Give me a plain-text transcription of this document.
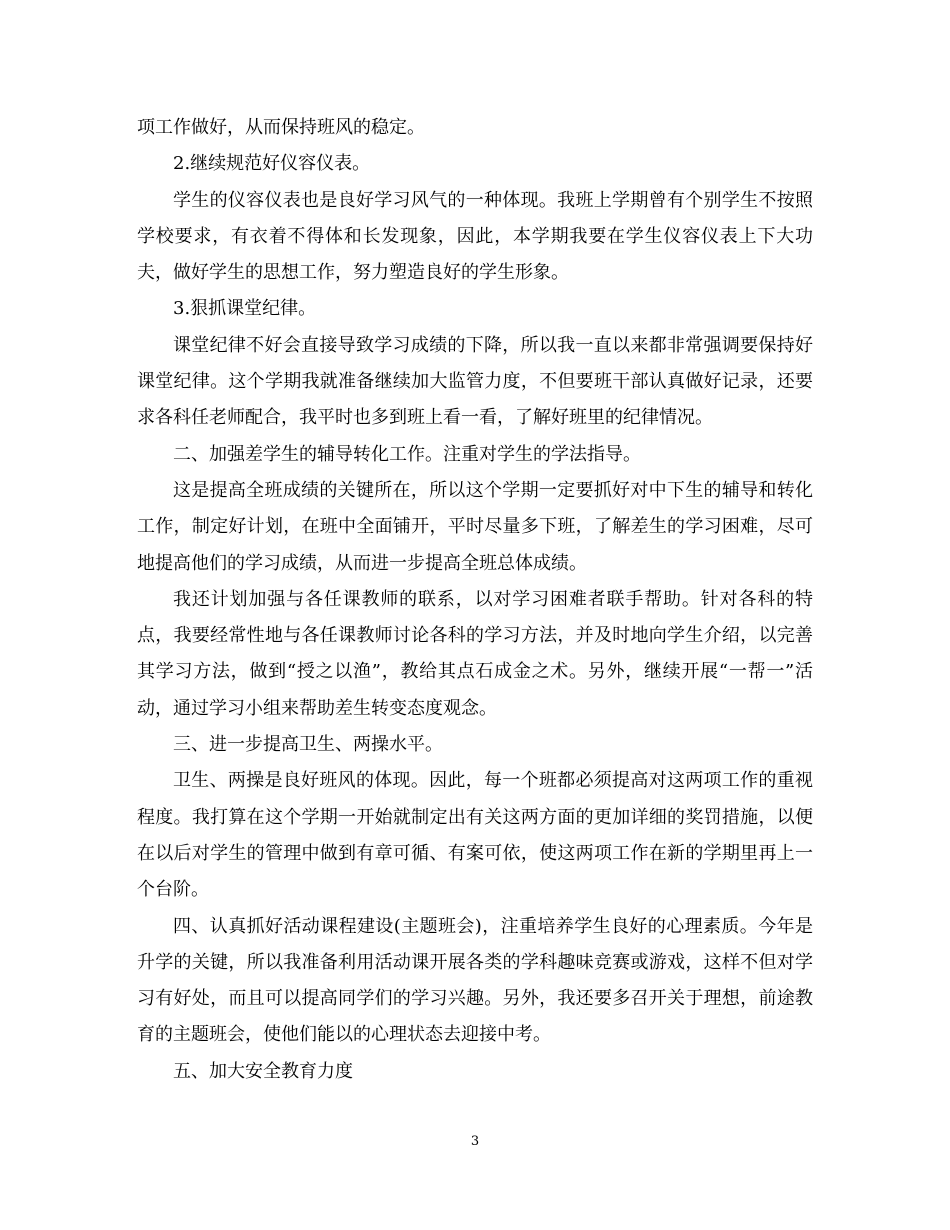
项工作做好，从而保持班风的稳定。

2.继续规范好仪容仪表。

学生的仪容仪表也是良好学习风气的一种体现。我班上学期曾有个别学生不按照学校要求，有衣着不得体和长发现象，因此，本学期我要在学生仪容仪表上下大功夫，做好学生的思想工作，努力塑造良好的学生形象。

3.狠抓课堂纪律。

课堂纪律不好会直接导致学习成绩的下降，所以我一直以来都非常强调要保持好课堂纪律。这个学期我就准备继续加大监管力度，不但要班干部认真做好记录，还要求各科任老师配合，我平时也多到班上看一看，了解好班里的纪律情况。

二、加强差学生的辅导转化工作。注重对学生的学法指导。

这是提高全班成绩的关键所在，所以这个学期一定要抓好对中下生的辅导和转化工作，制定好计划，在班中全面铺开，平时尽量多下班，了解差生的学习困难，尽可地提高他们的学习成绩，从而进一步提高全班总体成绩。

我还计划加强与各任课教师的联系，以对学习困难者联手帮助。针对各科的特点，我要经常性地与各任课教师讨论各科的学习方法，并及时地向学生介绍，以完善其学习方法，做到“授之以渔”，教给其点石成金之术。另外，继续开展“一帮一”活动，通过学习小组来帮助差生转变态度观念。

三、进一步提高卫生、两操水平。

卫生、两操是良好班风的体现。因此，每一个班都必须提高对这两项工作的重视程度。我打算在这个学期一开始就制定出有关这两方面的更加详细的奖罚措施，以便在以后对学生的管理中做到有章可循、有案可依，使这两项工作在新的学期里再上一个台阶。

四、认真抓好活动课程建设(主题班会)，注重培养学生良好的心理素质。今年是升学的关键，所以我准备利用活动课开展各类的学科趣味竞赛或游戏，这样不但对学习有好处，而且可以提高同学们的学习兴趣。另外，我还要多召开关于理想，前途教育的主题班会，使他们能以的心理状态去迎接中考。

五、加大安全教育力度

3
